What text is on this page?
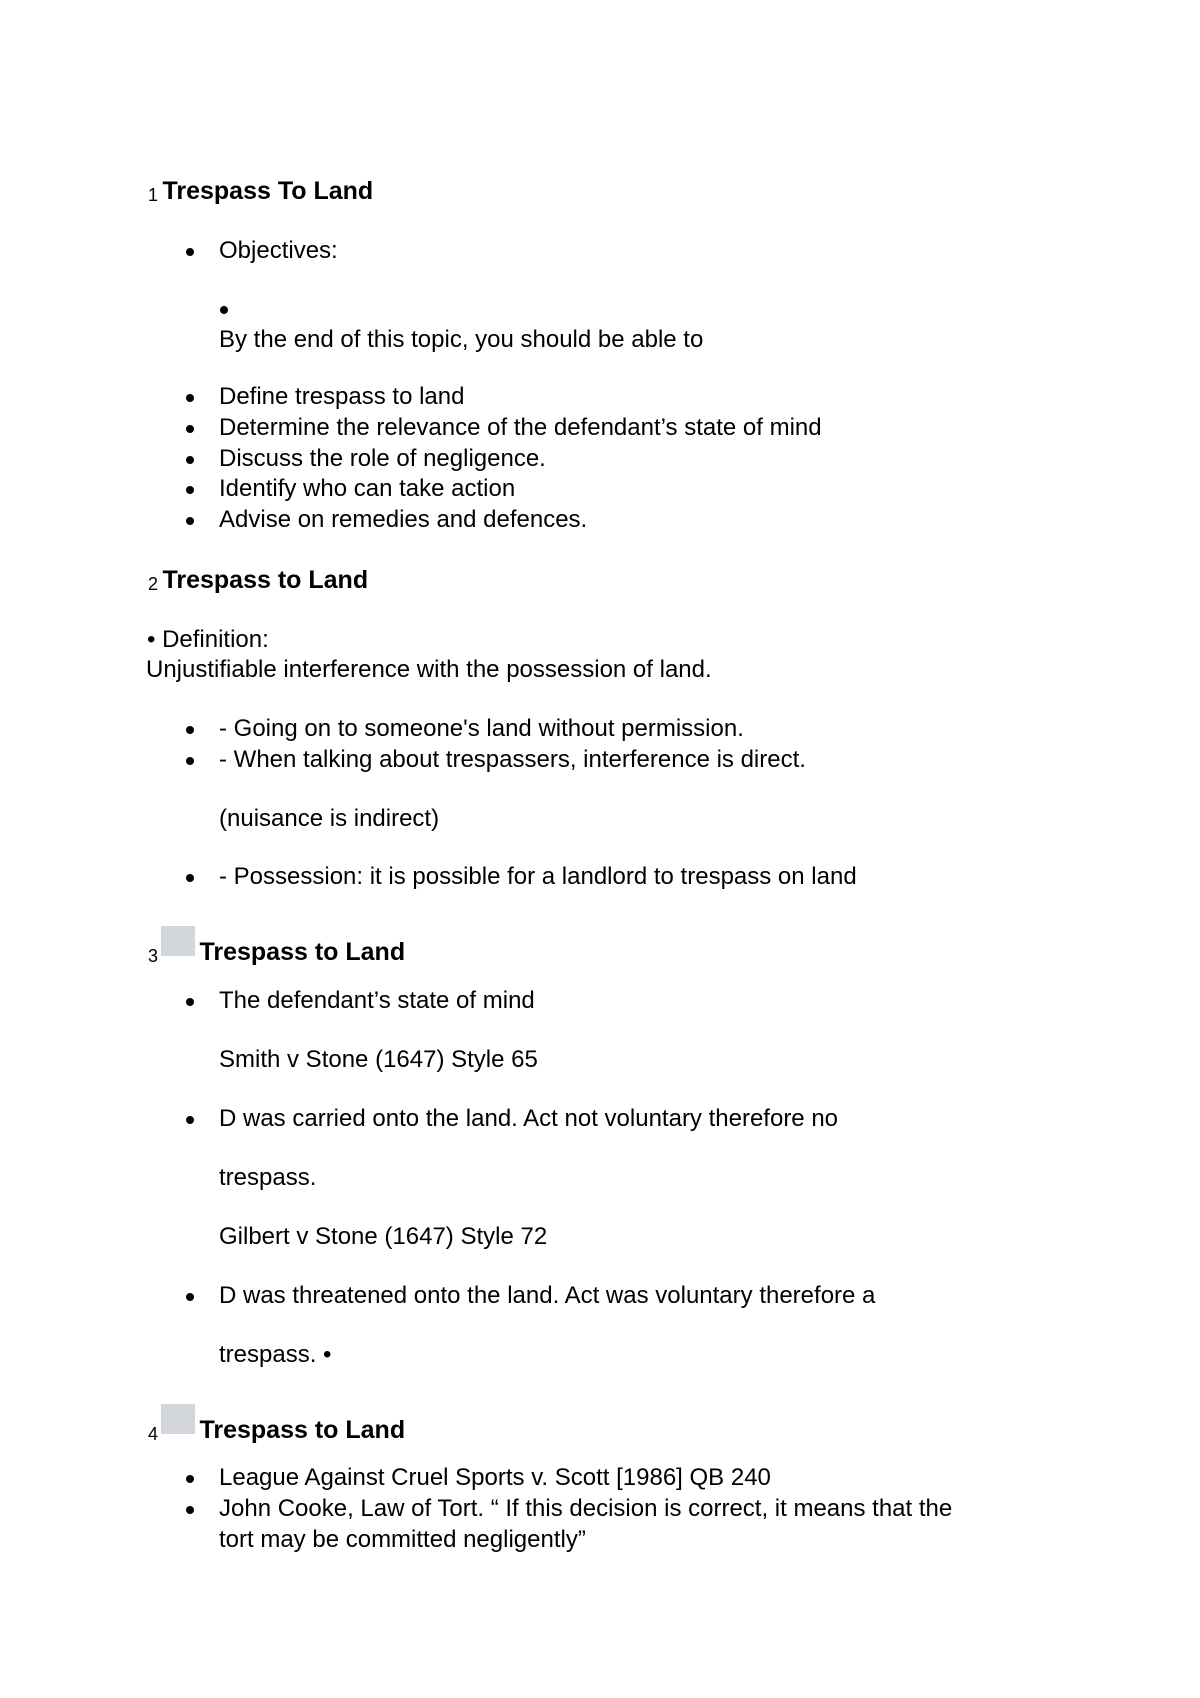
1 Trespass To Land
Objectives:
By the end of this topic, you should be able to
Define trespass to land
Determine the relevance of the defendant’s state of mind
Discuss the role of negligence.
Identify who can take action
Advise on remedies and defences.
2 Trespass to Land
• Definition:
Unjustifiable interference with the possession of land.
- Going on to someone's land without permission.
- When talking about trespassers, interference is direct.
(nuisance is indirect)
- Possession: it is possible for a landlord to trespass on land
3 Trespass to Land
The defendant’s state of mind
Smith v Stone (1647) Style 65
D was carried onto the land. Act not voluntary therefore no
trespass.
Gilbert v Stone (1647) Style 72
D was threatened onto the land. Act was voluntary therefore a
trespass. •
4 Trespass to Land
League Against Cruel Sports v. Scott [1986] QB 240
John Cooke, Law of Tort. “ If this decision is correct, it means that the
tort may be committed negligently”
